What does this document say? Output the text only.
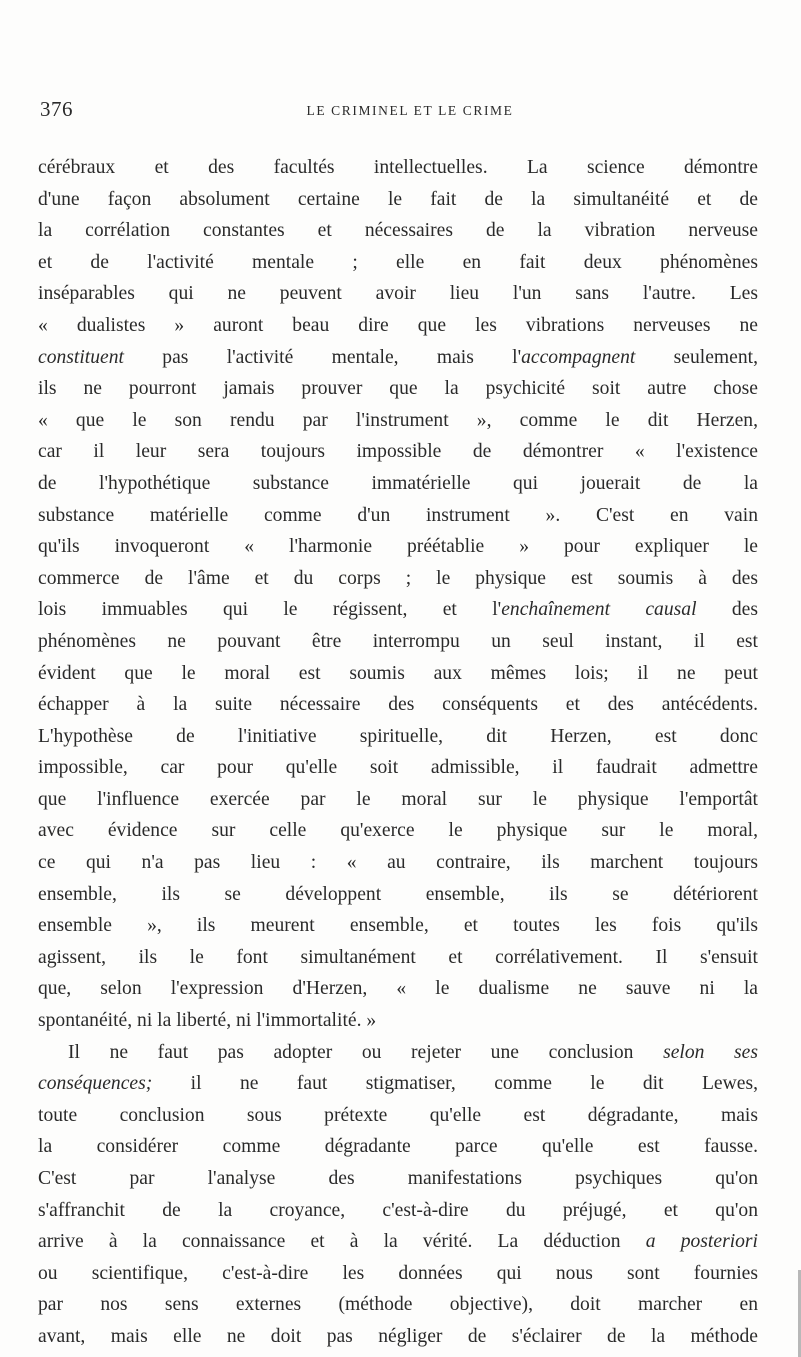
376	LE CRIMINEL ET LE CRIME
cérébraux et des facultés intellectuelles. La science démontre
d'une façon absolument certaine le fait de la simultanéité et de
la corrélation constantes et nécessaires de la vibration nerveuse
et de l'activité mentale ; elle en fait deux phénomènes
inséparables qui ne peuvent avoir lieu l'un sans l'autre. Les
« dualistes » auront beau dire que les vibrations nerveuses ne
constituent pas l'activité mentale, mais l'accompagnent seulement,
ils ne pourront jamais prouver que la psychicité soit autre chose
« que le son rendu par l'instrument », comme le dit Herzen,
car il leur sera toujours impossible de démontrer « l'existence
de l'hypothétique substance immatérielle qui jouerait de la
substance matérielle comme d'un instrument ». C'est en vain
qu'ils invoqueront « l'harmonie préétablie » pour expliquer le
commerce de l'âme et du corps ; le physique est soumis à des
lois immuables qui le régissent, et l'enchaînement causal des
phénomènes ne pouvant être interrompu un seul instant, il est
évident que le moral est soumis aux mêmes lois; il ne peut
échapper à la suite nécessaire des conséquents et des antécédents.
L'hypothèse de l'initiative spirituelle, dit Herzen, est donc
impossible, car pour qu'elle soit admissible, il faudrait admettre
que l'influence exercée par le moral sur le physique l'emportât
avec évidence sur celle qu'exerce le physique sur le moral,
ce qui n'a pas lieu : « au contraire, ils marchent toujours
ensemble, ils se développent ensemble, ils se détériorent
ensemble », ils meurent ensemble, et toutes les fois qu'ils
agissent, ils le font simultanément et corrélativement. Il s'ensuit
que, selon l'expression d'Herzen, « le dualisme ne sauve ni la
spontanéité, ni la liberté, ni l'immortalité. »
Il ne faut pas adopter ou rejeter une conclusion selon ses
conséquences; il ne faut stigmatiser, comme le dit Lewes,
toute conclusion sous prétexte qu'elle est dégradante, mais
la considérer comme dégradante parce qu'elle est fausse.
C'est par l'analyse des manifestations psychiques qu'on
s'affranchit de la croyance, c'est-à-dire du préjugé, et qu'on
arrive à la connaissance et à la vérité. La déduction a posteriori
ou scientifique, c'est-à-dire les données qui nous sont fournies
par nos sens externes (méthode objective), doit marcher en
avant, mais elle ne doit pas négliger de s'éclairer de la méthode
